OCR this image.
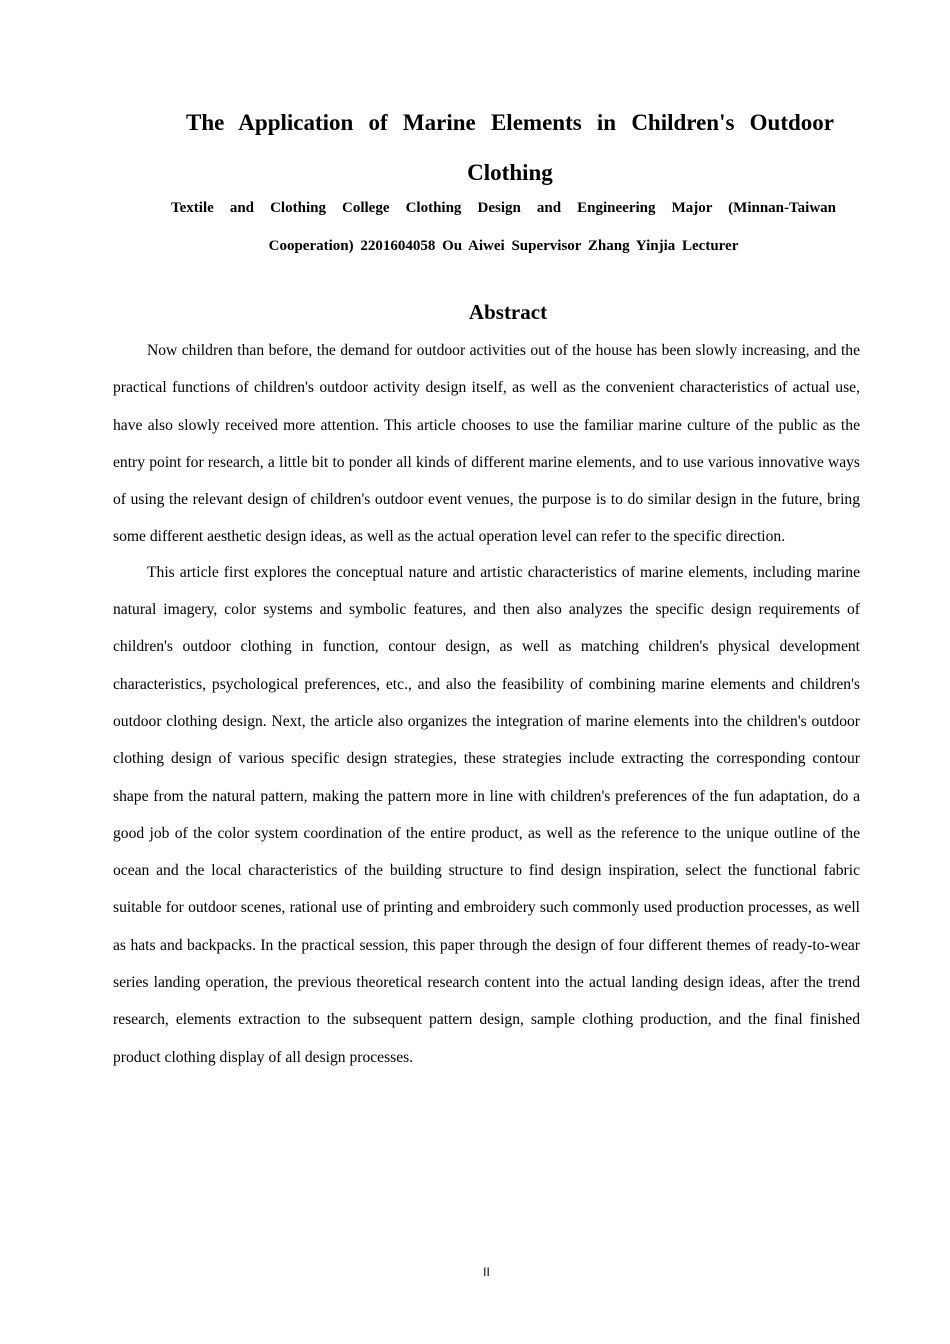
The Application of Marine Elements in Children's Outdoor Clothing

Textile and Clothing College Clothing Design and Engineering Major (Minnan-Taiwan Cooperation) 2201604058 Ou Aiwei Supervisor Zhang Yinjia Lecturer

Abstract

Now children than before, the demand for outdoor activities out of the house has been slowly increasing, and the practical functions of children's outdoor activity design itself, as well as the convenient characteristics of actual use, have also slowly received more attention. This article chooses to use the familiar marine culture of the public as the entry point for research, a little bit to ponder all kinds of different marine elements, and to use various innovative ways of using the relevant design of children's outdoor event venues, the purpose is to do similar design in the future, bring some different aesthetic design ideas, as well as the actual operation level can refer to the specific direction.

This article first explores the conceptual nature and artistic characteristics of marine elements, including marine natural imagery, color systems and symbolic features, and then also analyzes the specific design requirements of children's outdoor clothing in function, contour design, as well as matching children's physical development characteristics, psychological preferences, etc., and also the feasibility of combining marine elements and children's outdoor clothing design. Next, the article also organizes the integration of marine elements into the children's outdoor clothing design of various specific design strategies, these strategies include extracting the corresponding contour shape from the natural pattern, making the pattern more in line with children's preferences of the fun adaptation, do a good job of the color system coordination of the entire product, as well as the reference to the unique outline of the ocean and the local characteristics of the building structure to find design inspiration, select the functional fabric suitable for outdoor scenes, rational use of printing and embroidery such commonly used production processes, as well as hats and backpacks. In the practical session, this paper through the design of four different themes of ready-to-wear series landing operation, the previous theoretical research content into the actual landing design ideas, after the trend research, elements extraction to the subsequent pattern design, sample clothing production, and the final finished product clothing display of all design processes.

II
